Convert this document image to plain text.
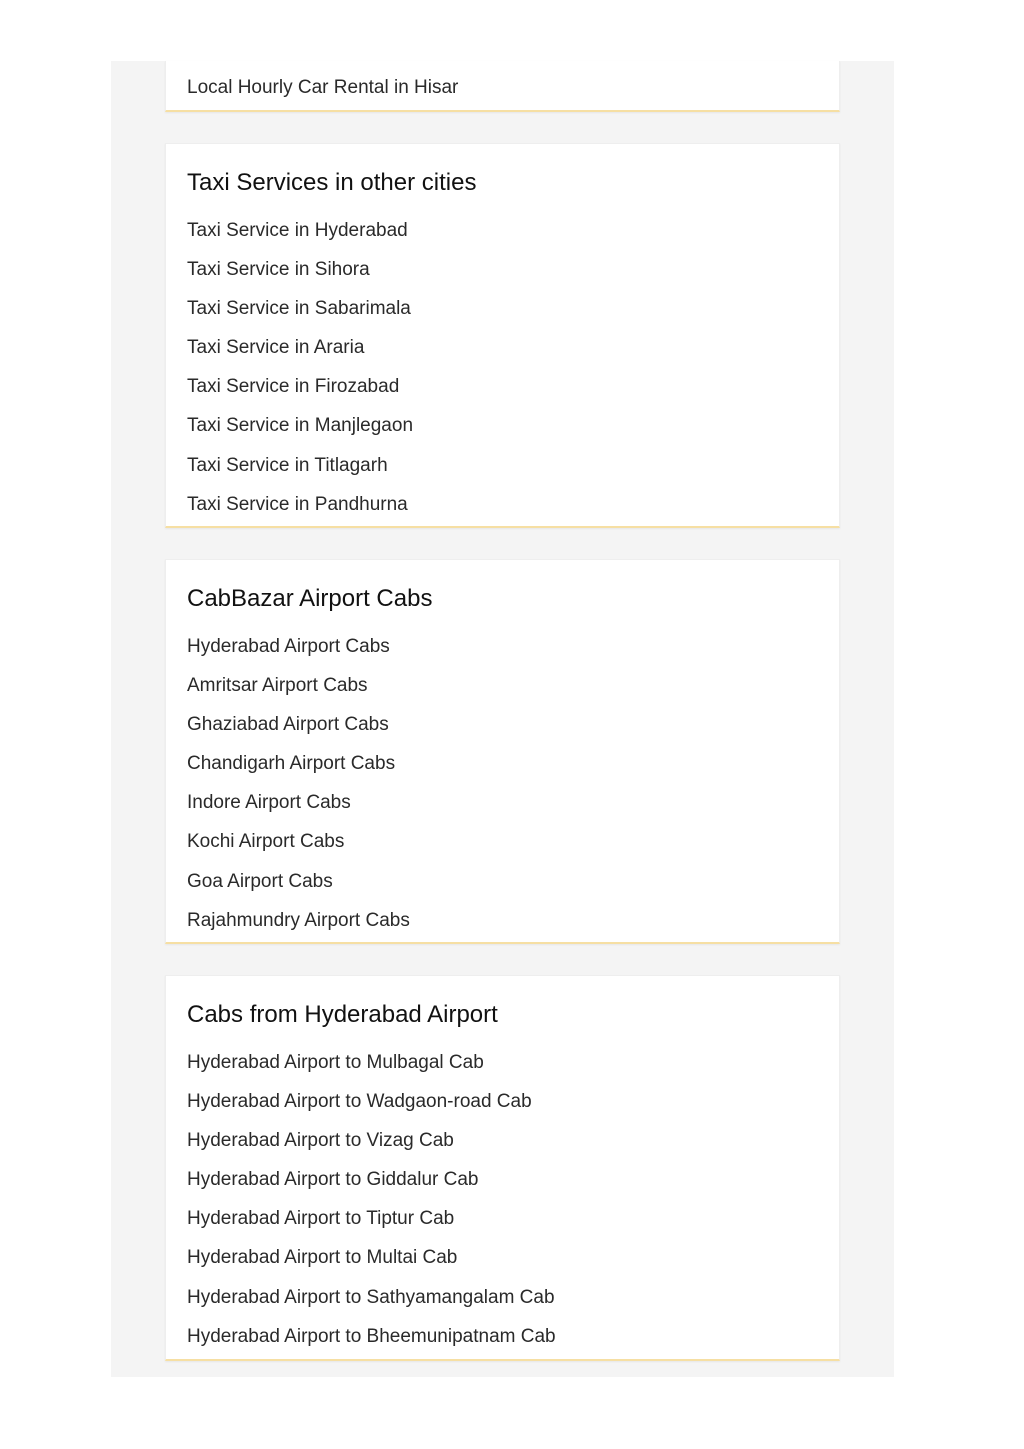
Local Hourly Car Rental in Hisar
Taxi Services in other cities
Taxi Service in Hyderabad
Taxi Service in Sihora
Taxi Service in Sabarimala
Taxi Service in Araria
Taxi Service in Firozabad
Taxi Service in Manjlegaon
Taxi Service in Titlagarh
Taxi Service in Pandhurna
CabBazar Airport Cabs
Hyderabad Airport Cabs
Amritsar Airport Cabs
Ghaziabad Airport Cabs
Chandigarh Airport Cabs
Indore Airport Cabs
Kochi Airport Cabs
Goa Airport Cabs
Rajahmundry Airport Cabs
Cabs from Hyderabad Airport
Hyderabad Airport to Mulbagal Cab
Hyderabad Airport to Wadgaon-road Cab
Hyderabad Airport to Vizag Cab
Hyderabad Airport to Giddalur Cab
Hyderabad Airport to Tiptur Cab
Hyderabad Airport to Multai Cab
Hyderabad Airport to Sathyamangalam Cab
Hyderabad Airport to Bheemunipatnam Cab
